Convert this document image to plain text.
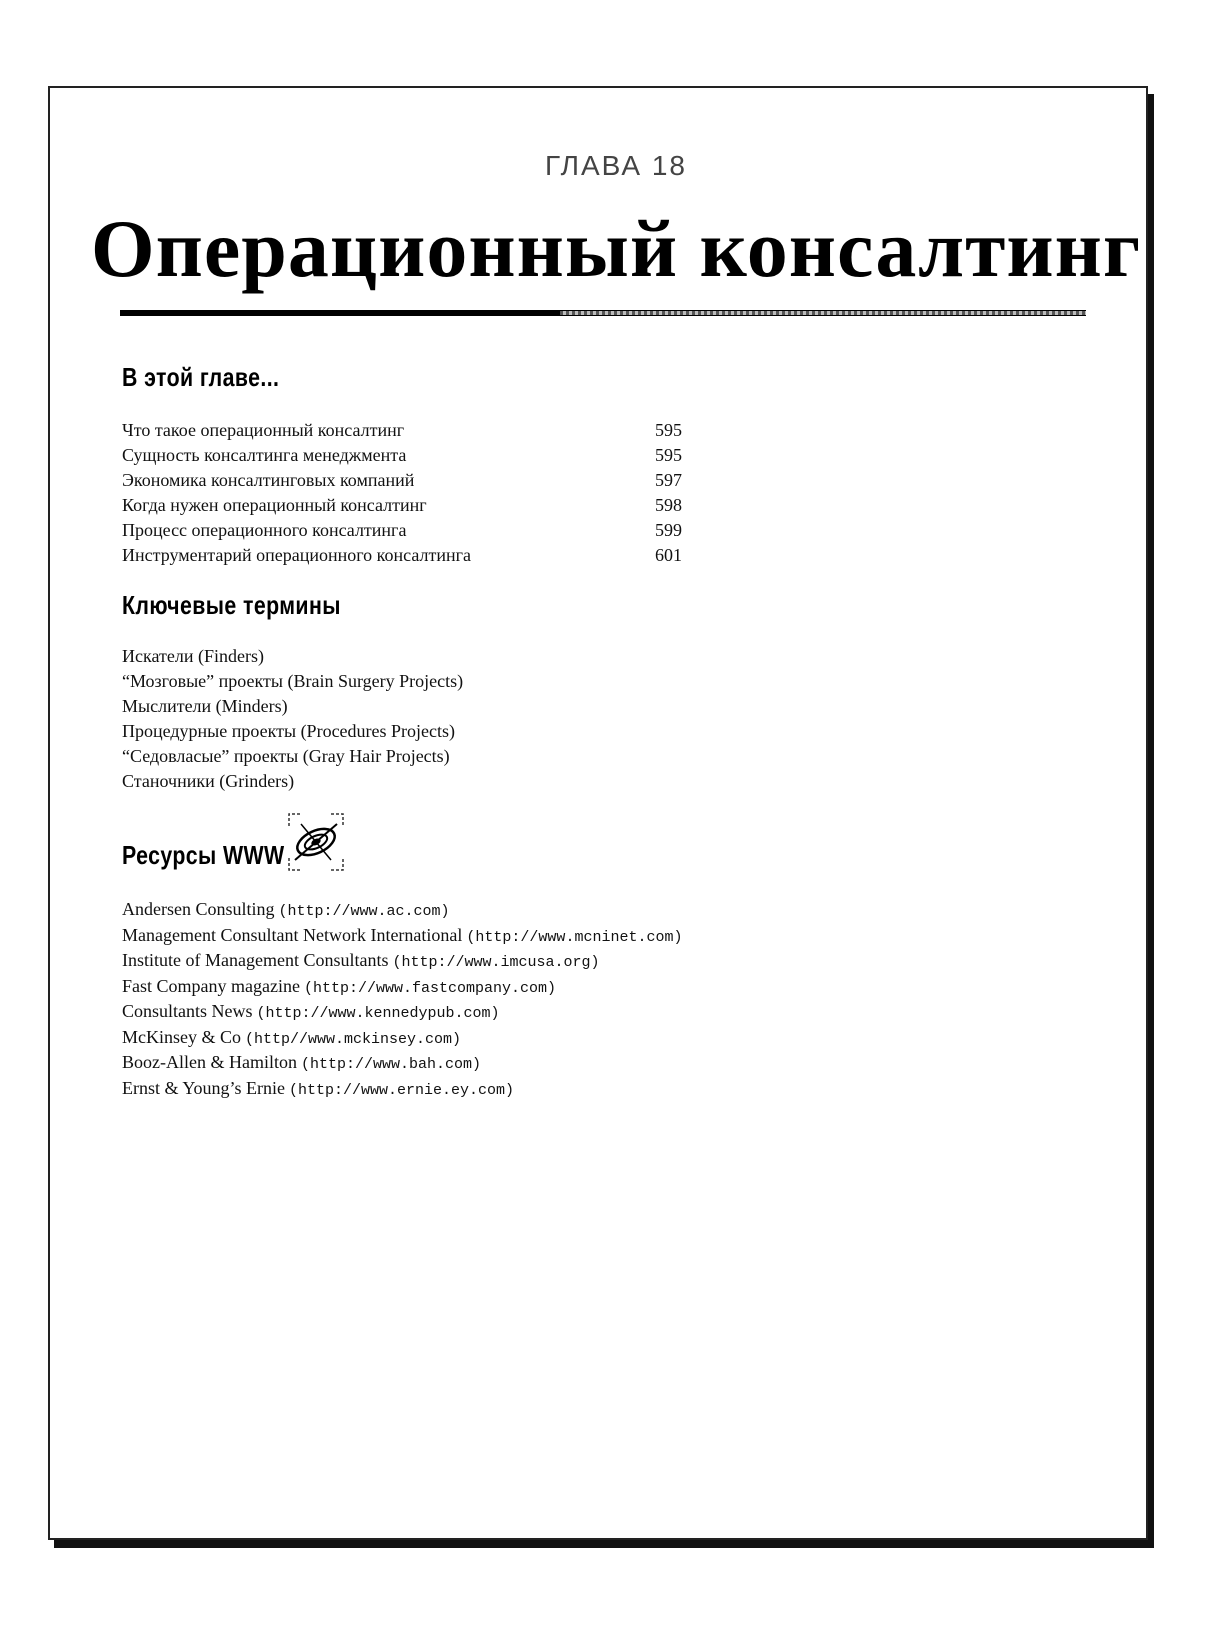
ГЛАВА 18
Операционный консалтинг
В этой главе...
Что такое операционный консалтинг	595
Сущность консалтинга менеджмента	595
Экономика консалтинговых компаний	597
Когда нужен операционный консалтинг	598
Процесс операционного консалтинга	599
Инструментарий операционного консалтинга	601
Ключевые термины
Искатели (Finders)
“Мозговые” проекты (Brain Surgery Projects)
Мыслители (Minders)
Процедурные проекты (Procedures Projects)
“Седовласые” проекты (Gray Hair Projects)
Станочники (Grinders)
Ресурсы WWW
Andersen Consulting (http://www.ac.com)
Management Consultant Network International (http://www.mcninet.com)
Institute of Management Consultants (http://www.imcusa.org)
Fast Company magazine (http://www.fastcompany.com)
Consultants News (http://www.kennedypub.com)
McKinsey & Co (http//www.mckinsey.com)
Booz-Allen & Hamilton (http://www.bah.com)
Ernst & Young’s Ernie (http://www.ernie.ey.com)
